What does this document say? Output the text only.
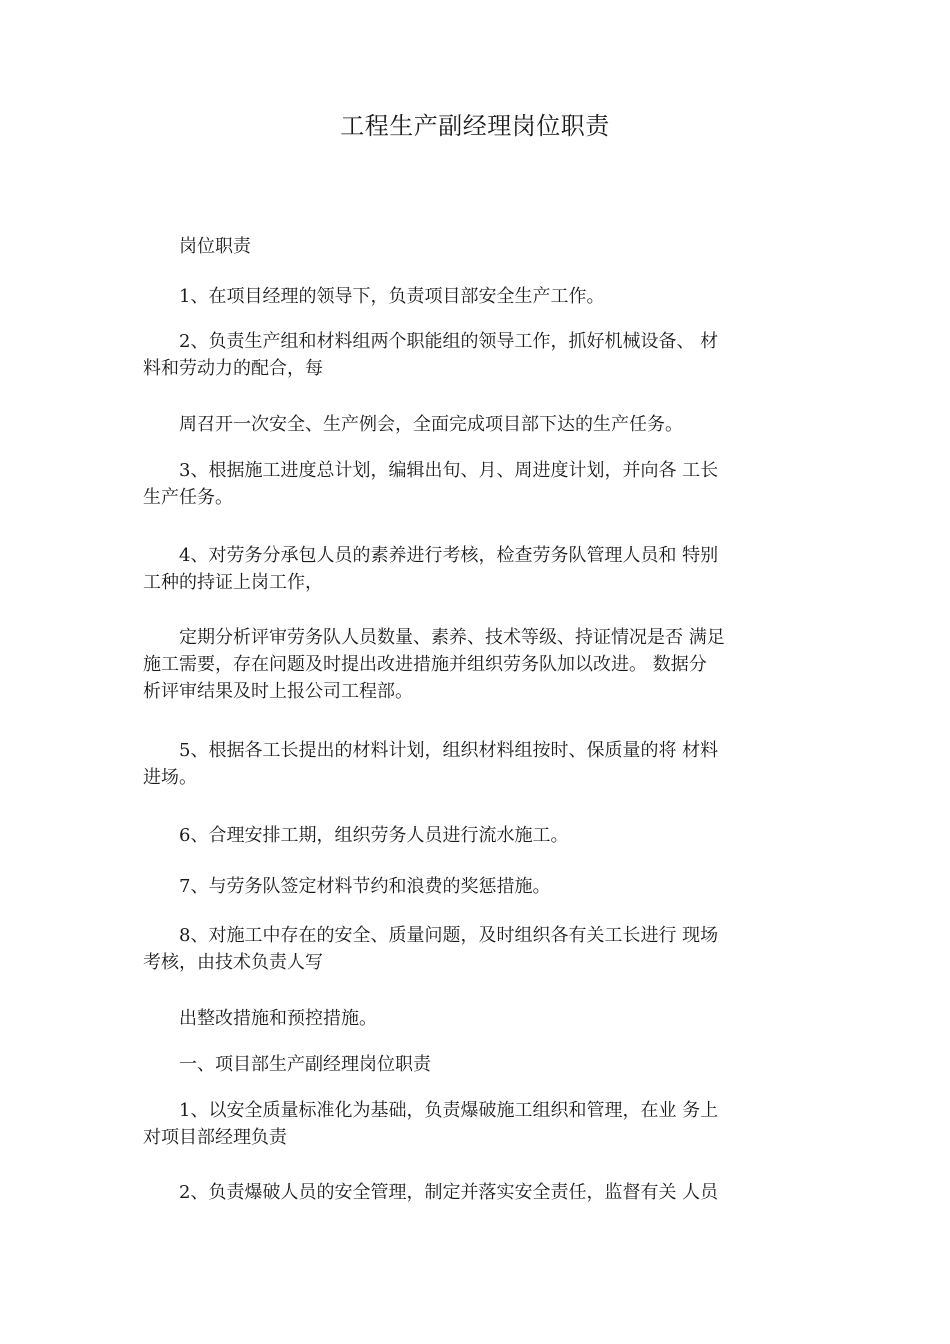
工程生产副经理岗位职责

岗位职责

1、在项目经理的领导下，负责项目部安全生产工作。

2、负责生产组和材料组两个职能组的领导工作，抓好机械设备、 材
料和劳动力的配合，每

周召开一次安全、生产例会，全面完成项目部下达的生产任务。

3、根据施工进度总计划，编辑出旬、月、周进度计划，并向各 工长
生产任务。

4、对劳务分承包人员的素养进行考核，检查劳务队管理人员和 特别
工种的持证上岗工作，

定期分析评审劳务队人员数量、素养、技术等级、持证情况是否 满足
施工需要，存在问题及时提出改进措施并组织劳务队加以改进。 数据分
析评审结果及时上报公司工程部。

5、根据各工长提出的材料计划，组织材料组按时、保质量的将 材料
进场。

6、合理安排工期，组织劳务人员进行流水施工。

7、与劳务队签定材料节约和浪费的奖惩措施。

8、对施工中存在的安全、质量问题，及时组织各有关工长进行 现场
考核，由技术负责人写

出整改措施和预控措施。

一、项目部生产副经理岗位职责

1、以安全质量标准化为基础，负责爆破施工组织和管理，在业 务上
对项目部经理负责

2、负责爆破人员的安全管理，制定并落实安全责任，监督有关 人员
